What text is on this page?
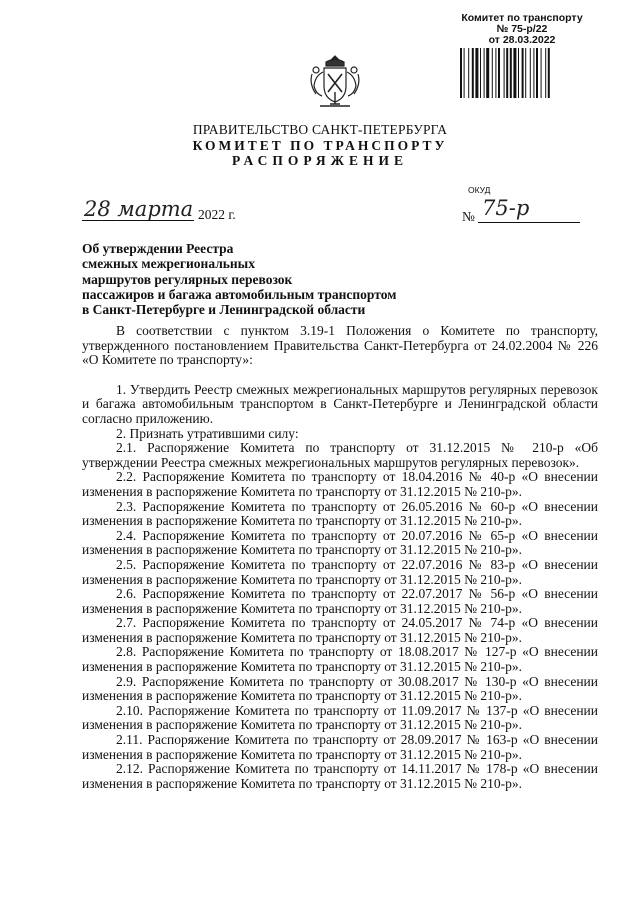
Комитет по транспорту
№ 75-р/22
от 28.03.2022
ПРАВИТЕЛЬСТВО САНКТ-ПЕТЕРБУРГА
КОМИТЕТ ПО ТРАНСПОРТУ
РАСПОРЯЖЕНИЕ
ОКУД
28 марта 2022 г.	№ 75-р
Об утверждении Реестра
смежных межрегиональных
маршрутов регулярных перевозок
пассажиров и багажа автомобильным транспортом
в Санкт-Петербурге и Ленинградской области

В соответствии с пунктом 3.19-1 Положения о Комитете по транспорту, утвержденного постановлением Правительства Санкт-Петербурга от 24.02.2004 № 226 «О Комитете по транспорту»:

1. Утвердить Реестр смежных межрегиональных маршрутов регулярных перевозок и багажа автомобильным транспортом в Санкт-Петербурге и Ленинградской области согласно приложению.

2. Признать утратившими силу:

2.1. Распоряжение Комитета по транспорту от 31.12.2015 № 210-р «Об утверждении Реестра смежных межрегиональных маршрутов регулярных перевозок».

2.2. Распоряжение Комитета по транспорту от 18.04.2016 № 40-р «О внесении
изменения в распоряжение Комитета по транспорту от 31.12.2015 № 210-р».
2.3. Распоряжение Комитета по транспорту от 26.05.2016 № 60-р «О внесении
изменения в распоряжение Комитета по транспорту от 31.12.2015 № 210-р».
2.4. Распоряжение Комитета по транспорту от 20.07.2016 № 65-р «О внесении
изменения в распоряжение Комитета по транспорту от 31.12.2015 № 210-р».
2.5. Распоряжение Комитета по транспорту от 22.07.2016 № 83-р «О внесении
изменения в распоряжение Комитета по транспорту от 31.12.2015 № 210-р».
2.6. Распоряжение Комитета по транспорту от 22.07.2017 № 56-р «О внесении
изменения в распоряжение Комитета по транспорту от 31.12.2015 № 210-р».
2.7. Распоряжение Комитета по транспорту от 24.05.2017 № 74-р «О внесении
изменения в распоряжение Комитета по транспорту от 31.12.2015 № 210-р».
2.8. Распоряжение Комитета по транспорту от 18.08.2017 № 127-р «О внесении
изменения в распоряжение Комитета по транспорту от 31.12.2015 № 210-р».
2.9. Распоряжение Комитета по транспорту от 30.08.2017 № 130-р «О внесении
изменения в распоряжение Комитета по транспорту от 31.12.2015 № 210-р».
2.10. Распоряжение Комитета по транспорту от 11.09.2017 № 137-р «О внесении
изменения в распоряжение Комитета по транспорту от 31.12.2015 № 210-р».
2.11. Распоряжение Комитета по транспорту от 28.09.2017 № 163-р «О внесении
изменения в распоряжение Комитета по транспорту от 31.12.2015 № 210-р».
2.12. Распоряжение Комитета по транспорту от 14.11.2017 № 178-р «О внесении
изменения в распоряжение Комитета по транспорту от 31.12.2015 № 210-р».
